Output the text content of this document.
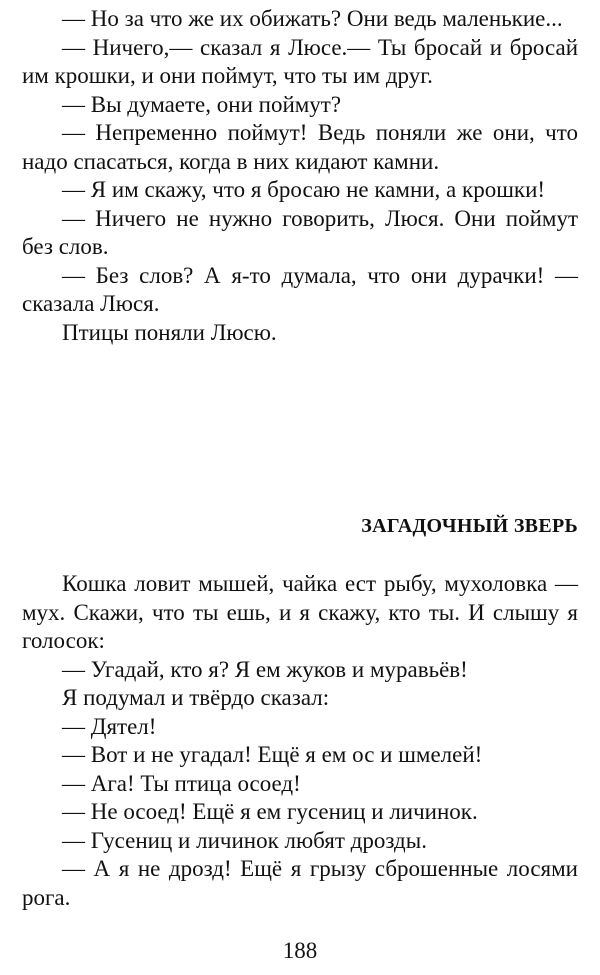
— Но за что же их обижать? Они ведь маленькие...

— Ничего,— сказал я Люсе.— Ты бросай и бросай им крошки, и они поймут, что ты им друг.

— Вы думаете, они поймут?

— Непременно поймут! Ведь поняли же они, что надо спасаться, когда в них кидают камни.

— Я им скажу, что я бросаю не камни, а крошки!

— Ничего не нужно говорить, Люся. Они поймут без слов.

— Без слов? А я-то думала, что они дурачки! — сказала Люся.

Птицы поняли Люсю.

ЗАГАДОЧНЫЙ ЗВЕРЬ

Кошка ловит мышей, чайка ест рыбу, мухоловка — мух. Скажи, что ты ешь, и я скажу, кто ты. И слышу я голосок:

— Угадай, кто я? Я ем жуков и муравьёв!

Я подумал и твёрдо сказал:

— Дятел!

— Вот и не угадал! Ещё я ем ос и шмелей!

— Ага! Ты птица осоед!

— Не осоед! Ещё я ем гусениц и личинок.

— Гусениц и личинок любят дрозды.

— А я не дрозд! Ещё я грызу сброшенные лосями рога.

188
